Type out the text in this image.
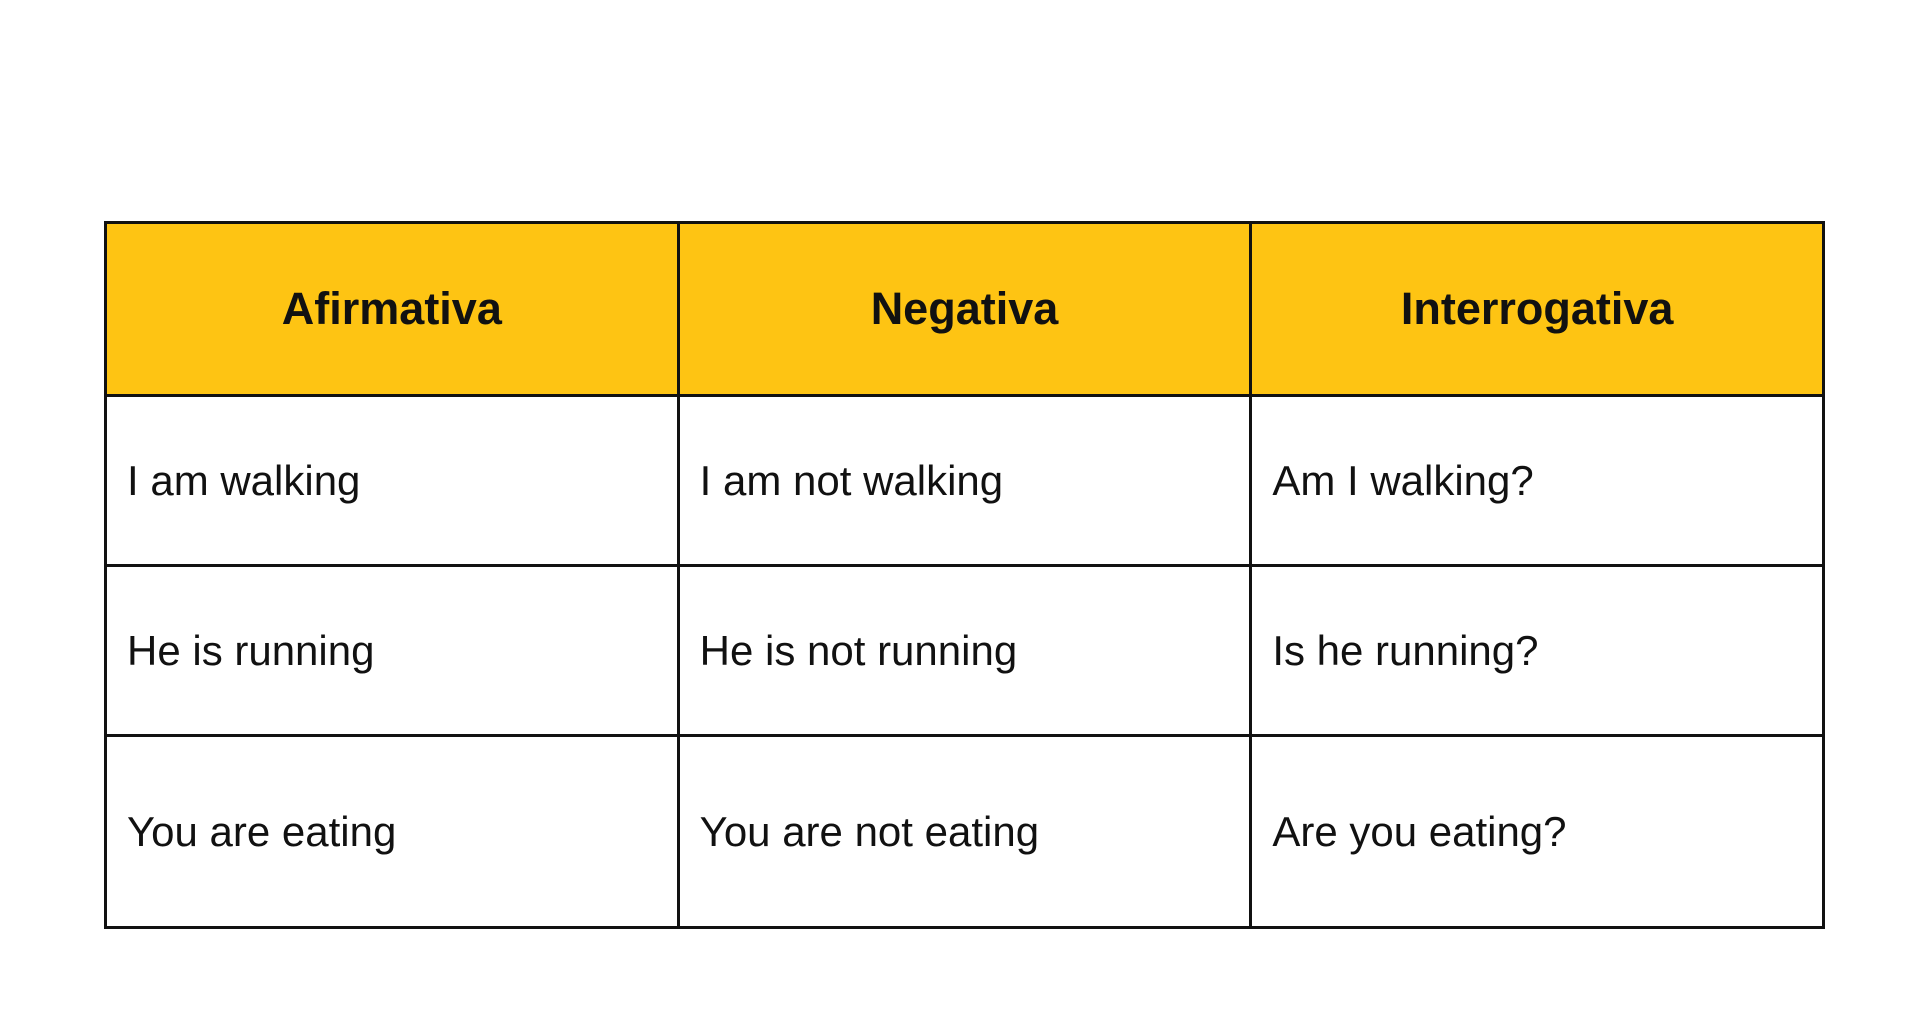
Afirmativa	Negativa	Interrogativa
I am walking	I am not walking	Am I walking?
He is running	He is not running	Is he running?
You are eating	You are not eating	Are you eating?
